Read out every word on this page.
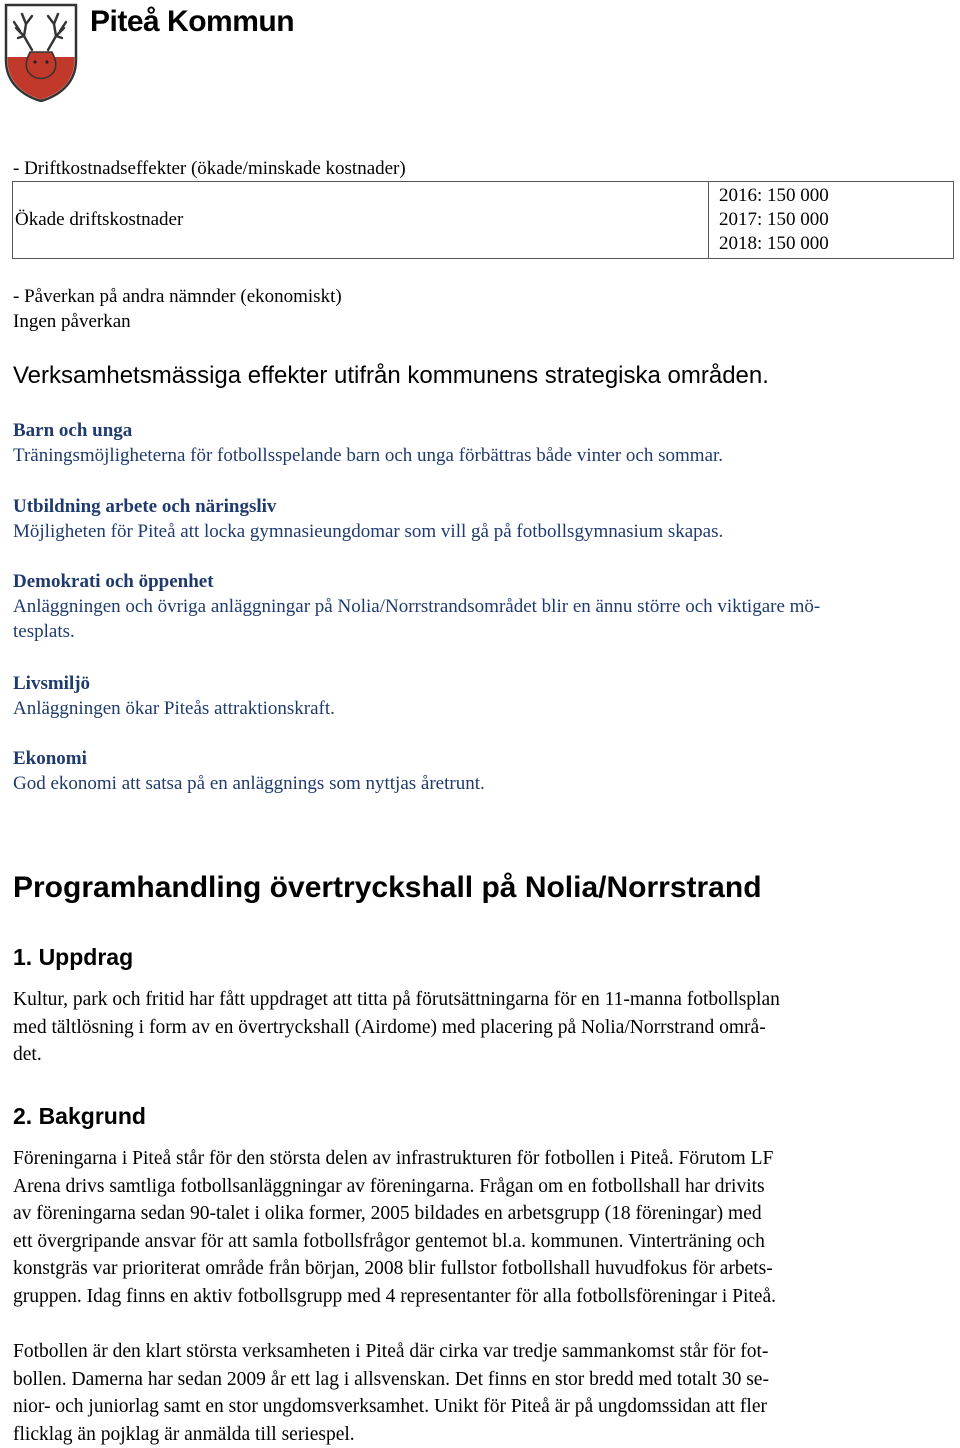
Piteå Kommun
- Driftkostnadseffekter (ökade/minskade kostnader)
Ökade driftskostnader	
2016: 150 000
2017: 150 000
2018: 150 000
- Påverkan på andra nämnder (ekonomiskt)
Ingen påverkan
Verksamhetsmässiga effekter utifrån kommunens strategiska områden.
Barn och unga
Träningsmöjligheterna för fotbollsspelande barn och unga förbättras både vinter och sommar.
Utbildning arbete och näringsliv
Möjligheten för Piteå att locka gymnasieungdomar som vill gå på fotbollsgymnasium skapas.
Demokrati och öppenhet
Anläggningen och övriga anläggningar på Nolia/Norrstrandsområdet blir en ännu större och viktigare mö-
tesplats.
Livsmiljö
Anläggningen ökar Piteås attraktionskraft.
Ekonomi
God ekonomi att satsa på en anläggnings som nyttjas åretrunt.
Programhandling övertryckshall på Nolia/Norrstrand
1. Uppdrag
Kultur, park och fritid har fått uppdraget att titta på förutsättningarna för en 11-manna fotbollsplan
med tältlösning i form av en övertryckshall (Airdome) med placering på Nolia/Norrstrand områ-
det.
2. Bakgrund
Föreningarna i Piteå står för den största delen av infrastrukturen för fotbollen i Piteå. Förutom LF
Arena drivs samtliga fotbollsanläggningar av föreningarna. Frågan om en fotbollshall har drivits
av föreningarna sedan 90-talet i olika former, 2005 bildades en arbetsgrupp (18 föreningar) med
ett övergripande ansvar för att samla fotbollsfrågor gentemot bl.a. kommunen. Vinterträning och
konstgräs var prioriterat område från början, 2008 blir fullstor fotbollshall huvudfokus för arbets-
gruppen. Idag finns en aktiv fotbollsgrupp med 4 representanter för alla fotbollsföreningar i Piteå.
Fotbollen är den klart största verksamheten i Piteå där cirka var tredje sammankomst står för fot-
bollen. Damerna har sedan 2009 år ett lag i allsvenskan. Det finns en stor bredd med totalt 30 se-
nior- och juniorlag samt en stor ungdomsverksamhet. Unikt för Piteå är på ungdomssidan att fler
flicklag än pojklag är anmälda till seriespel.
